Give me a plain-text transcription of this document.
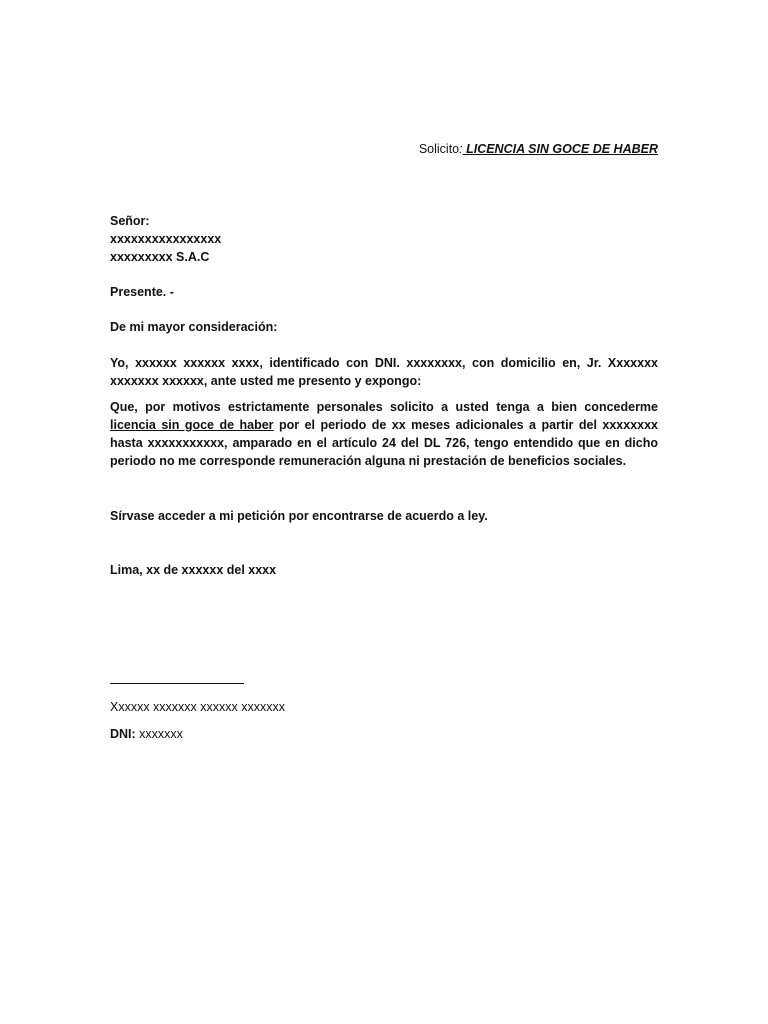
Solicito: LICENCIA SIN GOCE DE HABER
Señor:
xxxxxxxxxxxxxxxx
xxxxxxxxx S.A.C
Presente. -
De mi mayor consideración:
Yo, xxxxxx xxxxxx xxxx, identificado con DNI. xxxxxxxx, con domicilio en, Jr. Xxxxxxx xxxxxxx xxxxxx, ante usted me presento y expongo:
Que, por motivos estrictamente personales solicito a usted tenga a bien concederme licencia sin goce de haber por el periodo de xx meses adicionales a partir del xxxxxxxx hasta xxxxxxxxxxx, amparado en el artículo 24 del DL 726, tengo entendido que en dicho periodo no me corresponde remuneración alguna ni prestación de beneficios sociales.
Sírvase acceder a mi petición por encontrarse de acuerdo a ley.
Lima, xx de xxxxxx del xxxx
Xxxxxx xxxxxxx xxxxxx xxxxxxx
DNI: xxxxxxx
